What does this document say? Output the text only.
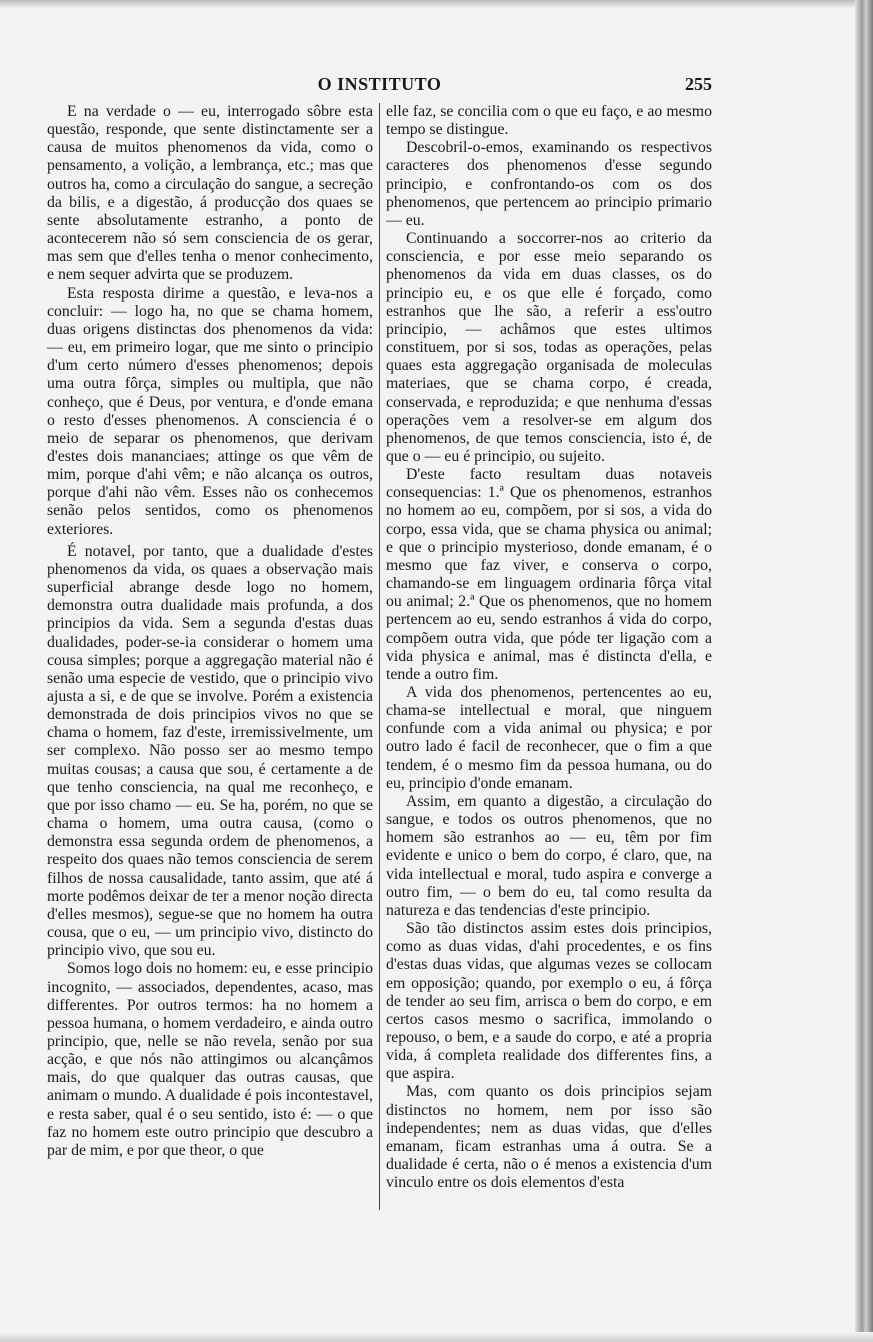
O INSTITUTO	255

E na verdade o — eu, interrogado sôbre esta questão, responde, que sente distinctamente ser a causa de muitos phenomenos da vida, como o pensamento, a volição, a lembrança, etc.; mas que outros ha, como a circulação do sangue, a secreção da bilis, e a digestão, á producção dos quaes se sente absolutamente estranho, a ponto de acontecerem não só sem consciencia de os gerar, mas sem que d'elles tenha o menor conhecimento, e nem sequer advirta que se produzem.

Esta resposta dirime a questão, e leva-nos a concluir: — logo ha, no que se chama homem, duas origens distinctas dos phenomenos da vida: — eu, em primeiro logar, que me sinto o principio d'um certo número d'esses phenomenos; depois uma outra fôrça, simples ou multipla, que não conheço, que é Deus, por ventura, e d'onde emana o resto d'esses phenomenos. A consciencia é o meio de separar os phenomenos, que derivam d'estes dois mananciaes; attinge os que vêm de mim, porque d'ahi vêm; e não alcança os outros, porque d'ahi não vêm. Esses não os conhecemos senão pelos sentidos, como os phenomenos exteriores.

É notavel, por tanto, que a dualidade d'estes phenomenos da vida, os quaes a observação mais superficial abrange desde logo no homem, demonstra outra dualidade mais profunda, a dos principios da vida. Sem a segunda d'estas duas dualidades, poder-se-ia considerar o homem uma cousa simples; porque a aggregação material não é senão uma especie de vestido, que o principio vivo ajusta a si, e de que se involve. Porém a existencia demonstrada de dois principios vivos no que se chama o homem, faz d'este, irremissivelmente, um ser complexo. Não posso ser ao mesmo tempo muitas cousas; a causa que sou, é certamente a de que tenho consciencia, na qual me reconheço, e que por isso chamo — eu. Se ha, porém, no que se chama o homem, uma outra causa, (como o demonstra essa segunda ordem de phenomenos, a respeito dos quaes não temos consciencia de serem filhos de nossa causalidade, tanto assim, que até á morte podêmos deixar de ter a menor noção directa d'elles mesmos), segue-se que no homem ha outra cousa, que o eu, — um principio vivo, distincto do principio vivo, que sou eu.

Somos logo dois no homem: eu, e esse principio incognito, — associados, dependentes, acaso, mas differentes. Por outros termos: ha no homem a pessoa humana, o homem verdadeiro, e ainda outro principio, que, nelle se não revela, senão por sua acção, e que nós não attingimos ou alcançâmos mais, do que qualquer das outras causas, que animam o mundo. A dualidade é pois incontestavel, e resta saber, qual é o seu sentido, isto é: — o que faz no homem este outro principio que descubro a par de mim, e por que theor, o que

elle faz, se concilia com o que eu faço, e ao mesmo tempo se distingue.

Descobril-o-emos, examinando os respectivos caracteres dos phenomenos d'esse segundo principio, e confrontando-os com os dos phenomenos, que pertencem ao principio primario — eu.

Continuando a soccorrer-nos ao criterio da consciencia, e por esse meio separando os phenomenos da vida em duas classes, os do principio eu, e os que elle é forçado, como estranhos que lhe são, a referir a ess'outro principio, — achâmos que estes ultimos constituem, por si sos, todas as operações, pelas quaes esta aggregação organisada de moleculas materiaes, que se chama corpo, é creada, conservada, e reproduzida; e que nenhuma d'essas operações vem a resolver-se em algum dos phenomenos, de que temos consciencia, isto é, de que o — eu é principio, ou sujeito.

D'este facto resultam duas notaveis consequencias: 1.ª Que os phenomenos, estranhos no homem ao eu, compõem, por si sos, a vida do corpo, essa vida, que se chama physica ou animal; e que o principio mysterioso, donde emanam, é o mesmo que faz viver, e conserva o corpo, chamando-se em linguagem ordinaria fôrça vital ou animal; 2.ª Que os phenomenos, que no homem pertencem ao eu, sendo estranhos á vida do corpo, compõem outra vida, que póde ter ligação com a vida physica e animal, mas é distincta d'ella, e tende a outro fim.

A vida dos phenomenos, pertencentes ao eu, chama-se intellectual e moral, que ninguem confunde com a vida animal ou physica; e por outro lado é facil de reconhecer, que o fim a que tendem, é o mesmo fim da pessoa humana, ou do eu, principio d'onde emanam.

Assim, em quanto a digestão, a circulação do sangue, e todos os outros phenomenos, que no homem são estranhos ao — eu, têm por fim evidente e unico o bem do corpo, é claro, que, na vida intellectual e moral, tudo aspira e converge a outro fim, — o bem do eu, tal como resulta da natureza e das tendencias d'este principio.

São tão distinctos assim estes dois principios, como as duas vidas, d'ahi procedentes, e os fins d'estas duas vidas, que algumas vezes se collocam em opposição; quando, por exemplo o eu, á fôrça de tender ao seu fim, arrisca o bem do corpo, e em certos casos mesmo o sacrifica, immolando o repouso, o bem, e a saude do corpo, e até a propria vida, á completa realidade dos differentes fins, a que aspira.

Mas, com quanto os dois principios sejam distinctos no homem, nem por isso são independentes; nem as duas vidas, que d'elles emanam, ficam estranhas uma á outra. Se a dualidade é certa, não o é menos a existencia d'um vinculo entre os dois elementos d'esta
